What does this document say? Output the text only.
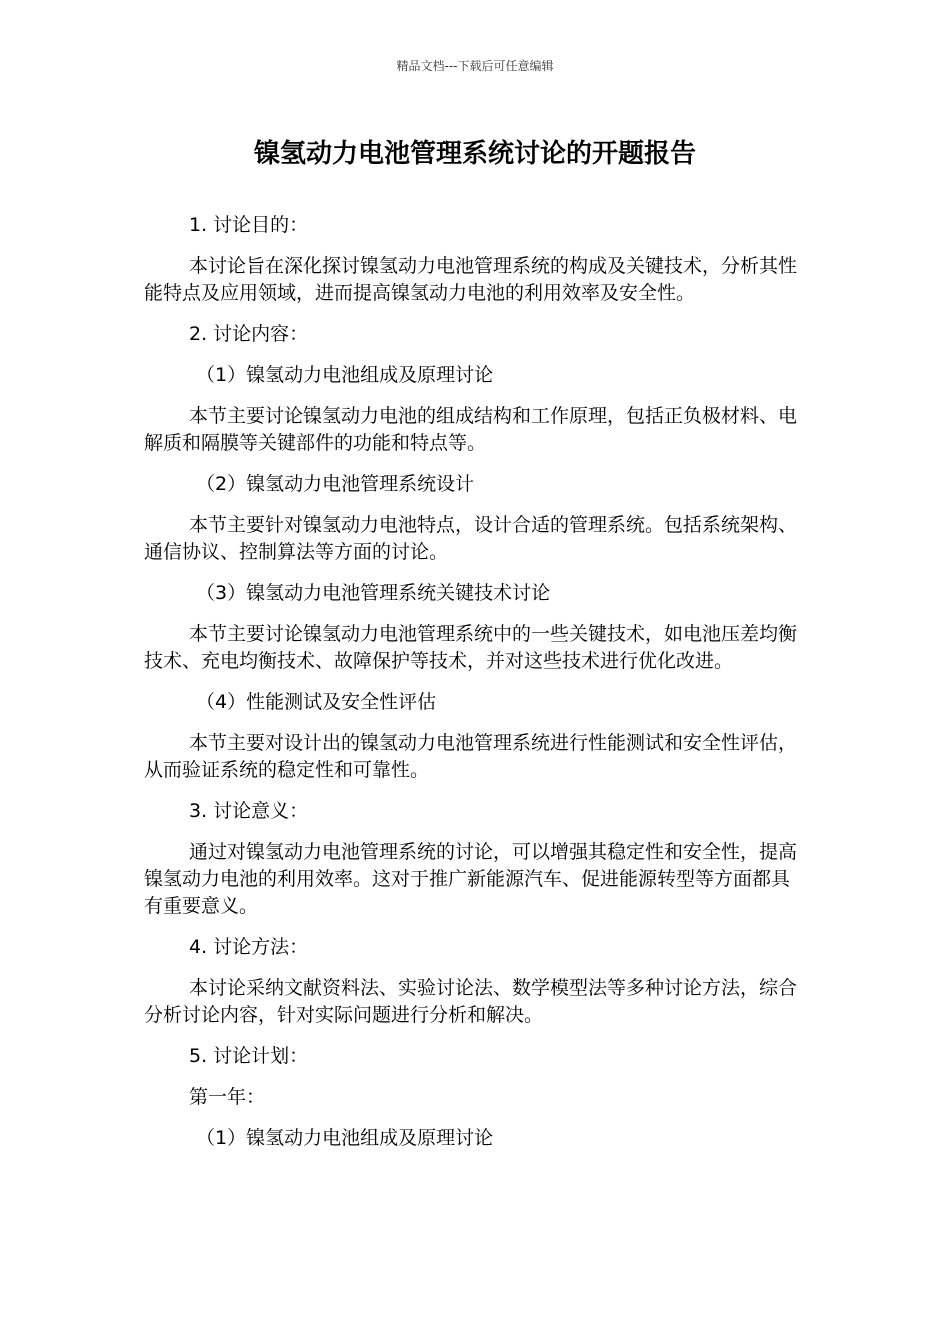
精品文档---下载后可任意编辑
镍氢动力电池管理系统讨论的开题报告

1. 讨论目的：

本讨论旨在深化探讨镍氢动力电池管理系统的构成及关键技术，分析其性能特点及应用领域，进而提高镍氢动力电池的利用效率及安全性。

2. 讨论内容：

（1）镍氢动力电池组成及原理讨论

本节主要讨论镍氢动力电池的组成结构和工作原理，包括正负极材料、电解质和隔膜等关键部件的功能和特点等。

（2）镍氢动力电池管理系统设计

本节主要针对镍氢动力电池特点，设计合适的管理系统。包括系统架构、通信协议、控制算法等方面的讨论。

（3）镍氢动力电池管理系统关键技术讨论

本节主要讨论镍氢动力电池管理系统中的一些关键技术，如电池压差均衡技术、充电均衡技术、故障保护等技术，并对这些技术进行优化改进。

（4）性能测试及安全性评估

本节主要对设计出的镍氢动力电池管理系统进行性能测试和安全性评估，从而验证系统的稳定性和可靠性。

3. 讨论意义：

通过对镍氢动力电池管理系统的讨论，可以增强其稳定性和安全性，提高镍氢动力电池的利用效率。这对于推广新能源汽车、促进能源转型等方面都具有重要意义。

4. 讨论方法：

本讨论采纳文献资料法、实验讨论法、数学模型法等多种讨论方法，综合分析讨论内容，针对实际问题进行分析和解决。

5. 讨论计划：

第一年：

（1）镍氢动力电池组成及原理讨论
